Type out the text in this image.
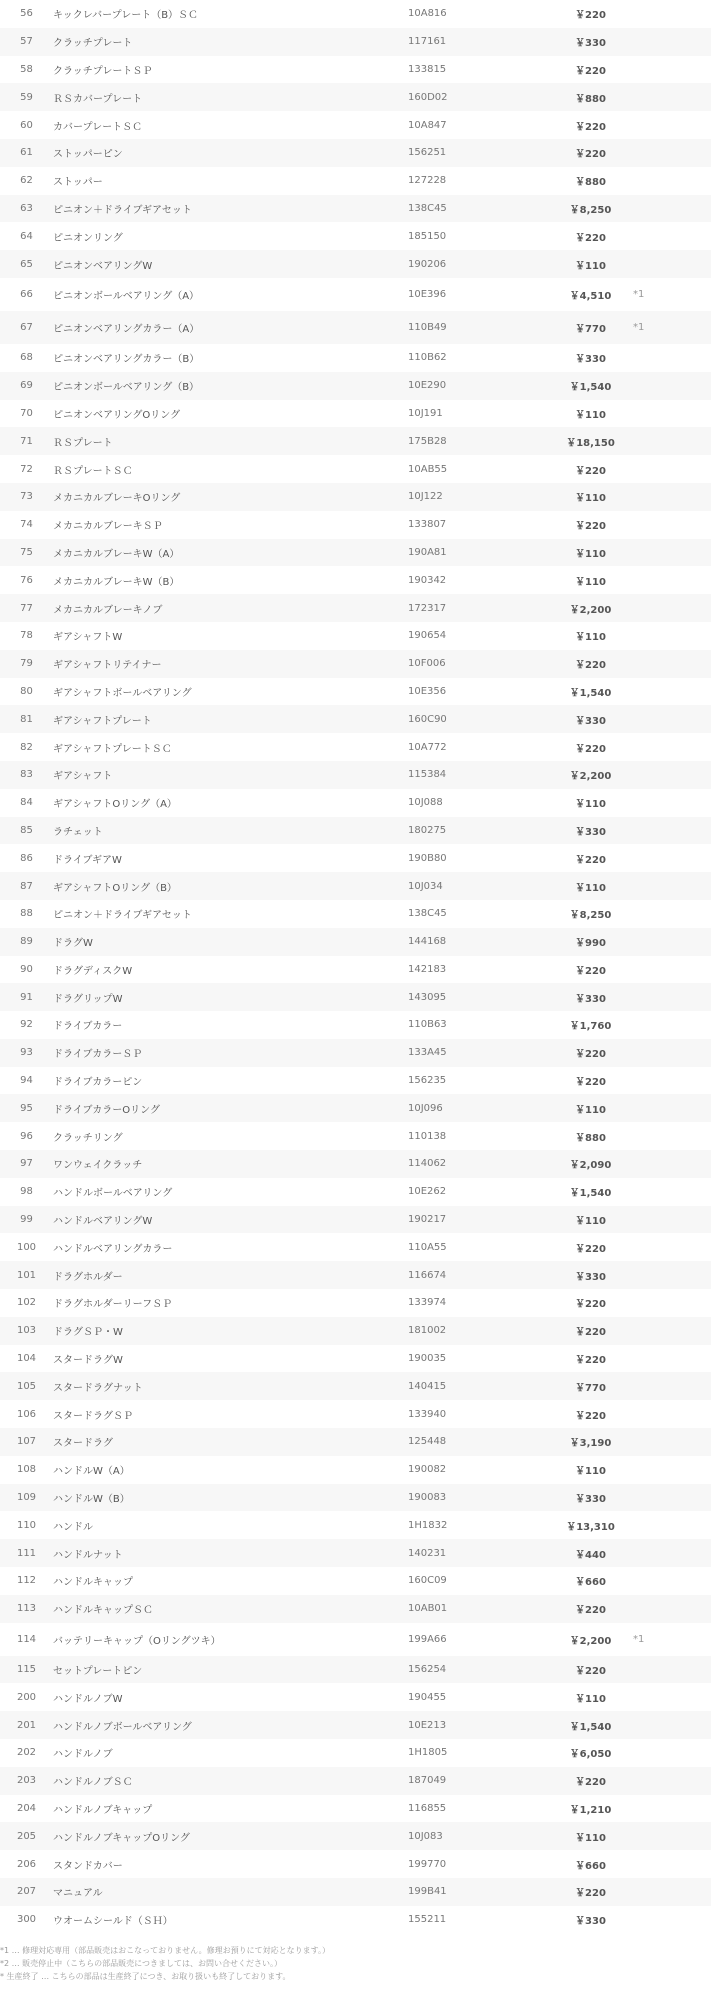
56	キックレバープレート（B）ＳＣ	10A816	￥220	
57	クラッチプレート	117161	￥330	
58	クラッチプレートＳＰ	133815	￥220	
59	ＲＳカバープレート	160D02	￥880	
60	カバープレートＳＣ	10A847	￥220	
61	ストッパーピン	156251	￥220	
62	ストッパー	127228	￥880	
63	ピニオン＋ドライブギアセット	138C45	￥8,250	
64	ピニオンリング	185150	￥220	
65	ピニオンベアリングW	190206	￥110	
66	ピニオンボールベアリング（A）	10E396	￥4,510	*1
67	ピニオンベアリングカラー（A）	110B49	￥770	*1
68	ピニオンベアリングカラー（B）	110B62	￥330	
69	ピニオンボールベアリング（B）	10E290	￥1,540	
70	ピニオンベアリングOリング	10J191	￥110	
71	ＲＳプレート	175B28	￥18,150	
72	ＲＳプレートＳＣ	10AB55	￥220	
73	メカニカルブレーキOリング	10J122	￥110	
74	メカニカルブレーキＳＰ	133807	￥220	
75	メカニカルブレーキW（A）	190A81	￥110	
76	メカニカルブレーキW（B）	190342	￥110	
77	メカニカルブレーキノブ	172317	￥2,200	
78	ギアシャフトW	190654	￥110	
79	ギアシャフトリテイナー	10F006	￥220	
80	ギアシャフトボールベアリング	10E356	￥1,540	
81	ギアシャフトプレート	160C90	￥330	
82	ギアシャフトプレートＳＣ	10A772	￥220	
83	ギアシャフト	115384	￥2,200	
84	ギアシャフトOリング（A）	10J088	￥110	
85	ラチェット	180275	￥330	
86	ドライブギアW	190B80	￥220	
87	ギアシャフトOリング（B）	10J034	￥110	
88	ピニオン＋ドライブギアセット	138C45	￥8,250	
89	ドラグW	144168	￥990	
90	ドラグディスクW	142183	￥220	
91	ドラグリップW	143095	￥330	
92	ドライブカラー	110B63	￥1,760	
93	ドライブカラーＳＰ	133A45	￥220	
94	ドライブカラーピン	156235	￥220	
95	ドライブカラーOリング	10J096	￥110	
96	クラッチリング	110138	￥880	
97	ワンウェイクラッチ	114062	￥2,090	
98	ハンドルボールベアリング	10E262	￥1,540	
99	ハンドルベアリングW	190217	￥110	
100	ハンドルベアリングカラー	110A55	￥220	
101	ドラグホルダー	116674	￥330	
102	ドラグホルダーリーフＳＰ	133974	￥220	
103	ドラグＳＰ・W	181002	￥220	
104	スタードラグW	190035	￥220	
105	スタードラグナット	140415	￥770	
106	スタードラグＳＰ	133940	￥220	
107	スタードラグ	125448	￥3,190	
108	ハンドルW（A）	190082	￥110	
109	ハンドルW（B）	190083	￥330	
110	ハンドル	1H1832	￥13,310	
111	ハンドルナット	140231	￥440	
112	ハンドルキャップ	160C09	￥660	
113	ハンドルキャップＳＣ	10AB01	￥220	
114	バッテリーキャップ（Oリングツキ）	199A66	￥2,200	*1
115	セットプレートピン	156254	￥220	
200	ハンドルノブW	190455	￥110	
201	ハンドルノブボールベアリング	10E213	￥1,540	
202	ハンドルノブ	1H1805	￥6,050	
203	ハンドルノブＳＣ	187049	￥220	
204	ハンドルノブキャップ	116855	￥1,210	
205	ハンドルノブキャップOリング	10J083	￥110	
206	スタンドカバー	199770	￥660	
207	マニュアル	199B41	￥220	
300	ウオームシールド（ＳＨ）	155211	￥330	
*1 … 修理対応専用（部品販売はおこなっておりません。修理お預りにて対応となります。）
*2 … 販売停止中（こちらの部品販売につきましては、お問い合せください。）
* 生産終了 … こちらの部品は生産終了につき、お取り扱いも終了しております。
